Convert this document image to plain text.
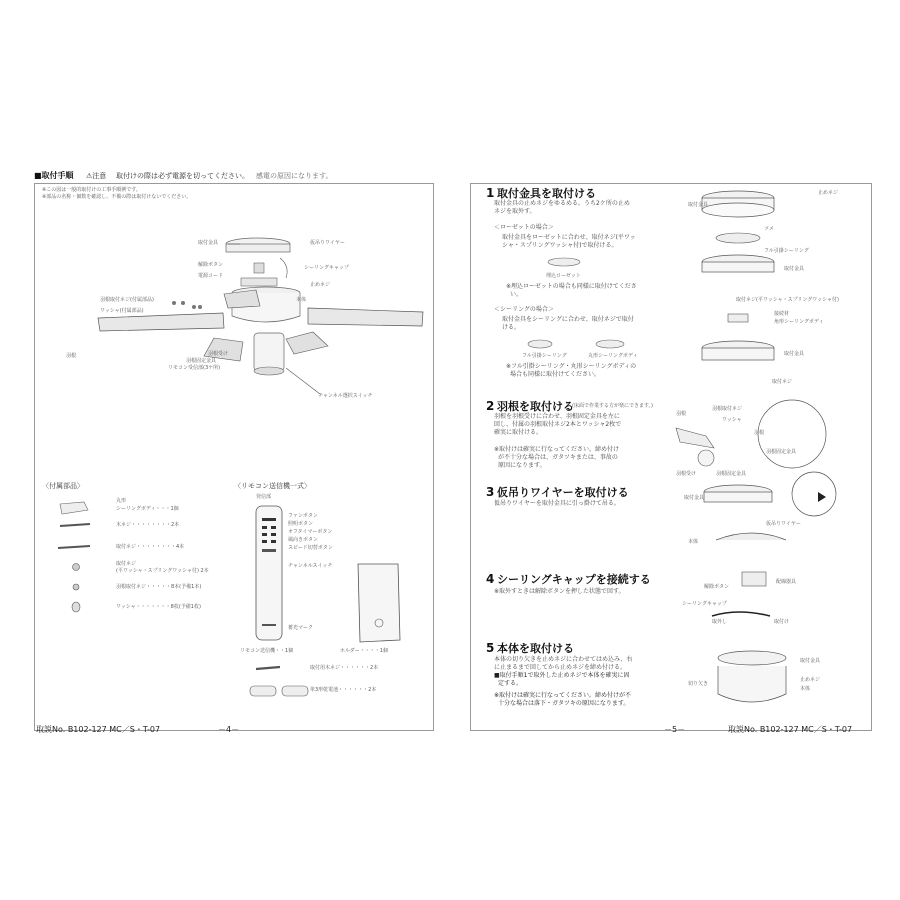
■取付手順 ⚠注意 取付けの際は必ず電源を切ってください。 感電の原因になります。
※この図は一般的取付けの工事手順例です。
※部品の名称・個数を確認し、不備の際は取付けないでください。
取付金具	仮吊りワイヤー
解除ボタン
電源コード
シーリングキャップ
止めネジ
羽根取付ネジ(付属部品)
ワッシャ(付属部品)
本体
羽根	羽根受け
羽根固定金具
リモコン受信部(3ケ所)
チャンネル選択スイッチ
〈付属部品〉
丸形
シーリングボディ・・・1個
木ネジ・・・・・・・・2本
取付ネジ・・・・・・・・4本
取付ネジ
(平ワッシャ・スプリングワッシャ付) 2本
羽根取付ネジ・・・・・8本(予備1本)
ワッシャ・・・・・・・8枚(予備1枚)
〈リモコン送信機一式〉
発信部
ファンボタン
照明ボタン
オフタイマーボタン
風向きボタン
スピード切替ボタン
チャンネルスイッチ
蓄光マーク
リモコン送信機・・1個	ホルダー・・・・1個
取付用木ネジ・・・・・・2本
単3形乾電池・・・・・・2本
取説No. B102-127 MC／S・T-07	－4－
1 取付金具を取付ける
取付金具の止めネジをゆるめる。うち2ケ所の止め
ネジを取外す。
＜ローゼットの場合＞
取付金具をローゼットに合わせ、取付ネジ(平ワッ
シャ・スプリングワッシャ付)で取付ける。
埋込ローゼット
※埋込ローゼットの場合も同様に取付けてくださ
い。
＜シーリングの場合＞
取付金具をシーリングに合わせ、取付ネジで取付
ける。
フル引掛シーリング	丸形シーリングボディ
※フル引掛シーリング・丸形シーリングボディの
場合も同様に取付けてください。
2 羽根を取付ける
(床面で作業する方が楽にできます。)
羽根を羽根受けに合わせ、羽根固定金具を左に
回し、付属の羽根取付ネジ2本とワッシャ2枚で
確実に取付ける。
※取付けは確実に行なってください。締め付け
が不十分な場合は、ガタツキまたは、事故の
原因になります。
3 仮吊りワイヤーを取付ける
仮吊りワイヤーを取付金具に引っ掛けて吊る。
4 シーリングキャップを接続する
※取外すときは解除ボタンを押した状態で回す。
5 本体を取付ける
本体の切り欠きを止めネジに合わせてはめ込み、右
に止まるまで回してから止めネジを締め付ける。
■取付手順1で取外した止めネジで本体を確実に固
定する。
※取付けは確実に行なってください。締め付けが不
十分な場合は落下・ガタツキの原因になります。
止めネジ
取付金具
ツメ
フル引掛シーリング
取付金具
取付ネジ(平ワッシャ・スプリングワッシャ付)
接続材
角形シーリングボディ
取付金具
取付ネジ
羽根取付ネジ
ワッシャ
羽根
羽根
羽根受け	羽根固定金具
羽根固定金具
取付金具
仮吊りワイヤー
本体
配線器具
解除ボタン
シーリングキャップ
取外し	取付け
取付金具
止めネジ
本体
切り欠き
－5－	取説No. B102-127 MC／S・T-07
